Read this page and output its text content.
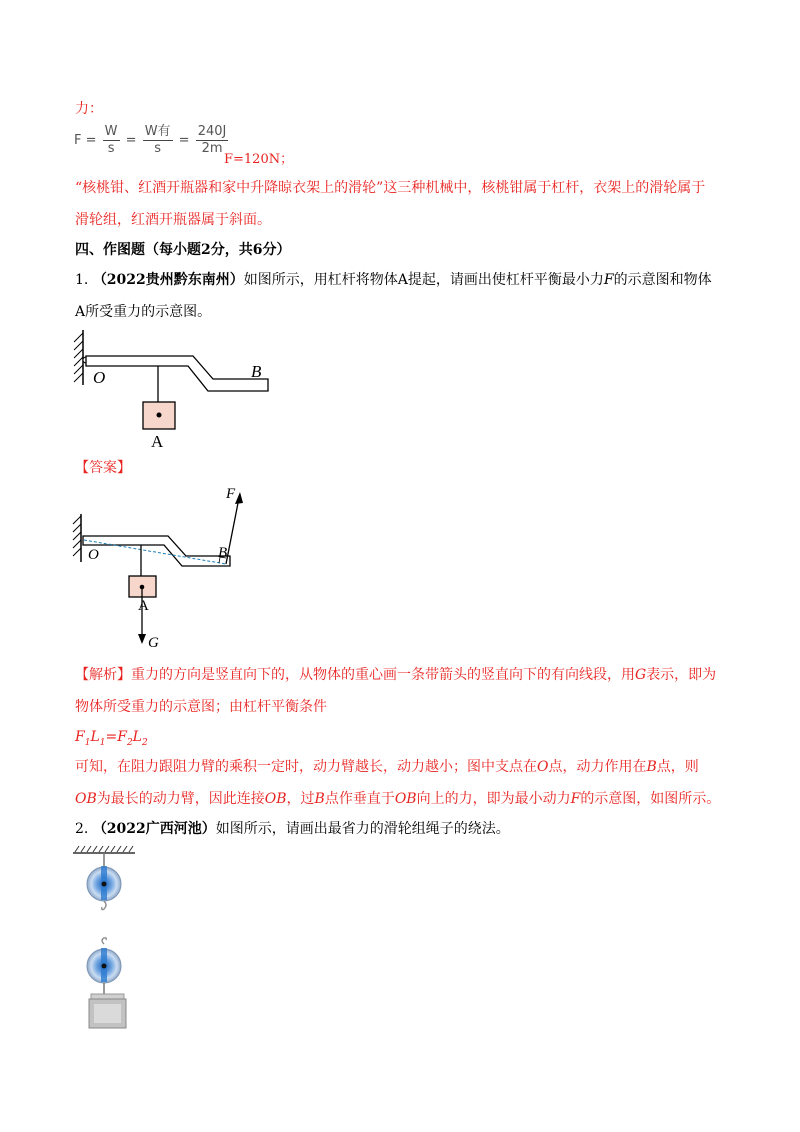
力：
$F = \frac{W}{s} = \frac{\text{W有}}{s} = \frac{240J}{2m}$
F=120N；
“核桃钳、红酒开瓶器和家中升降晾衣架上的滑轮”这三种机械中，核桃钳属于杠杆，衣架上的滑轮属于
滑轮组，红酒开瓶器属于斜面。
四、作图题（每小题2分，共6分）
1. （2022贵州黔东南州）如图所示，用杠杆将物体A提起，请画出使杠杆平衡最小力F的示意图和物体
A所受重力的示意图。
O	B
A
【答案】
F
O	B
A
G
【解析】重力的方向是竖直向下的，从物体的重心画一条带箭头的竖直向下的有向线段，用G表示，即为
物体所受重力的示意图；由杠杆平衡条件
$F_1L_1=F_2L_2$
可知，在阻力跟阻力臂的乘积一定时，动力臂越长，动力越小；图中支点在O点，动力作用在B点，则
OB为最长的动力臂，因此连接OB，过B点作垂直于OB向上的力，即为最小动力F的示意图，如图所示。
2. （2022广西河池）如图所示，请画出最省力的滑轮组绳子的绕法。
